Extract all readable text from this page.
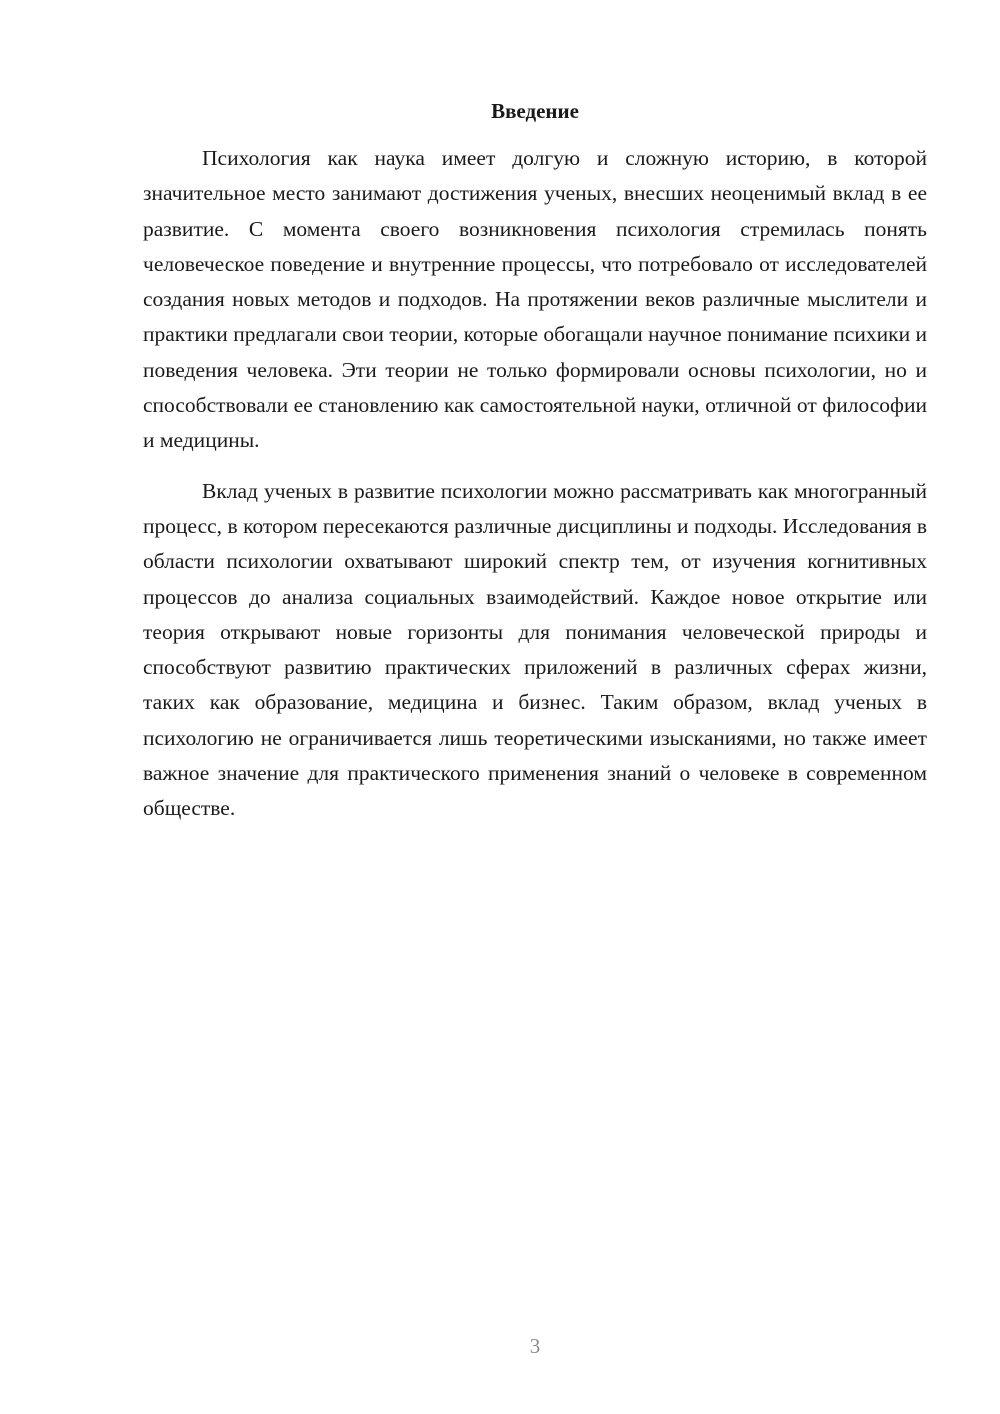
Введение

Психология как наука имеет долгую и сложную историю, в которой значительное место занимают достижения ученых, внесших неоценимый вклад в ее развитие. С момента своего возникновения психология стремилась понять человеческое поведение и внутренние процессы, что потребовало от исследователей создания новых методов и подходов. На протяжении веков различные мыслители и практики предлагали свои теории, которые обогащали научное понимание психики и поведения человека. Эти теории не только формировали основы психологии, но и способствовали ее становлению как самостоятельной науки, отличной от философии и медицины.

Вклад ученых в развитие психологии можно рассматривать как многогранный процесс, в котором пересекаются различные дисциплины и подходы. Исследования в области психологии охватывают широкий спектр тем, от изучения когнитивных процессов до анализа социальных взаимодействий. Каждое новое открытие или теория открывают новые горизонты для понимания человеческой природы и способствуют развитию практических приложений в различных сферах жизни, таких как образование, медицина и бизнес. Таким образом, вклад ученых в психологию не ограничивается лишь теоретическими изысканиями, но также имеет важное значение для практического применения знаний о человеке в современном обществе.

3
